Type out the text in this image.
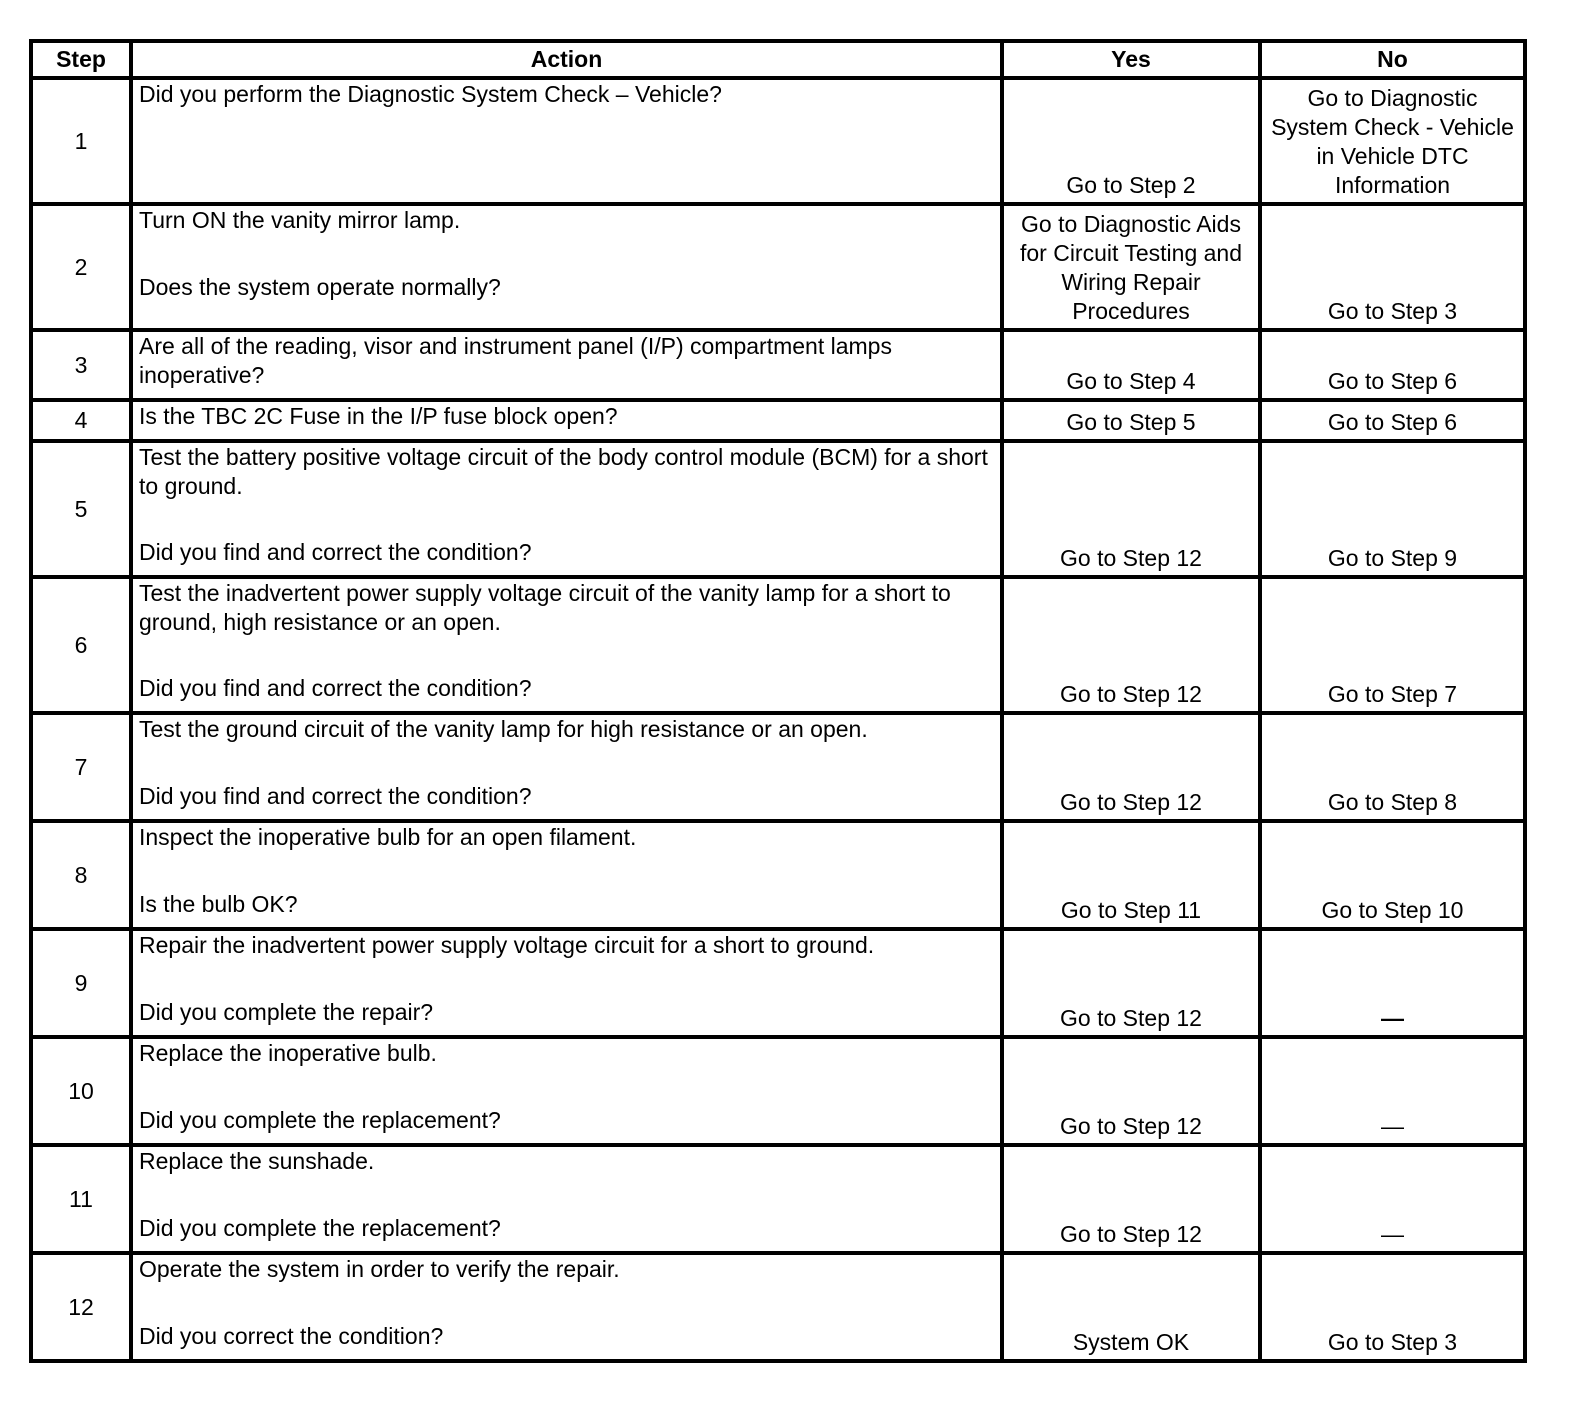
Step	Action	Yes	No
1	Did you perform the Diagnostic System Check – Vehicle?	Go to Step 2	Go to Diagnostic System Check - Vehicle in Vehicle DTC Information
2	Turn ON the vanity mirror lamp.
Does the system operate normally?	Go to Diagnostic Aids for Circuit Testing and Wiring Repair Procedures	Go to Step 3
3	Are all of the reading, visor and instrument panel (I/P) compartment lamps inoperative?	Go to Step 4	Go to Step 6
4	Is the TBC 2C Fuse in the I/P fuse block open?	Go to Step 5	Go to Step 6
5	Test the battery positive voltage circuit of the body control module (BCM) for a short to ground.
Did you find and correct the condition?	Go to Step 12	Go to Step 9
6	Test the inadvertent power supply voltage circuit of the vanity lamp for a short to ground, high resistance or an open.
Did you find and correct the condition?	Go to Step 12	Go to Step 7
7	Test the ground circuit of the vanity lamp for high resistance or an open.
Did you find and correct the condition?	Go to Step 12	Go to Step 8
8	Inspect the inoperative bulb for an open filament.
Is the bulb OK?	Go to Step 11	Go to Step 10
9	Repair the inadvertent power supply voltage circuit for a short to ground.
Did you complete the repair?	Go to Step 12	—
10	Replace the inoperative bulb.
Did you complete the replacement?	Go to Step 12	—
11	Replace the sunshade.
Did you complete the replacement?	Go to Step 12	—
12	Operate the system in order to verify the repair.
Did you correct the condition?	System OK	Go to Step 3
